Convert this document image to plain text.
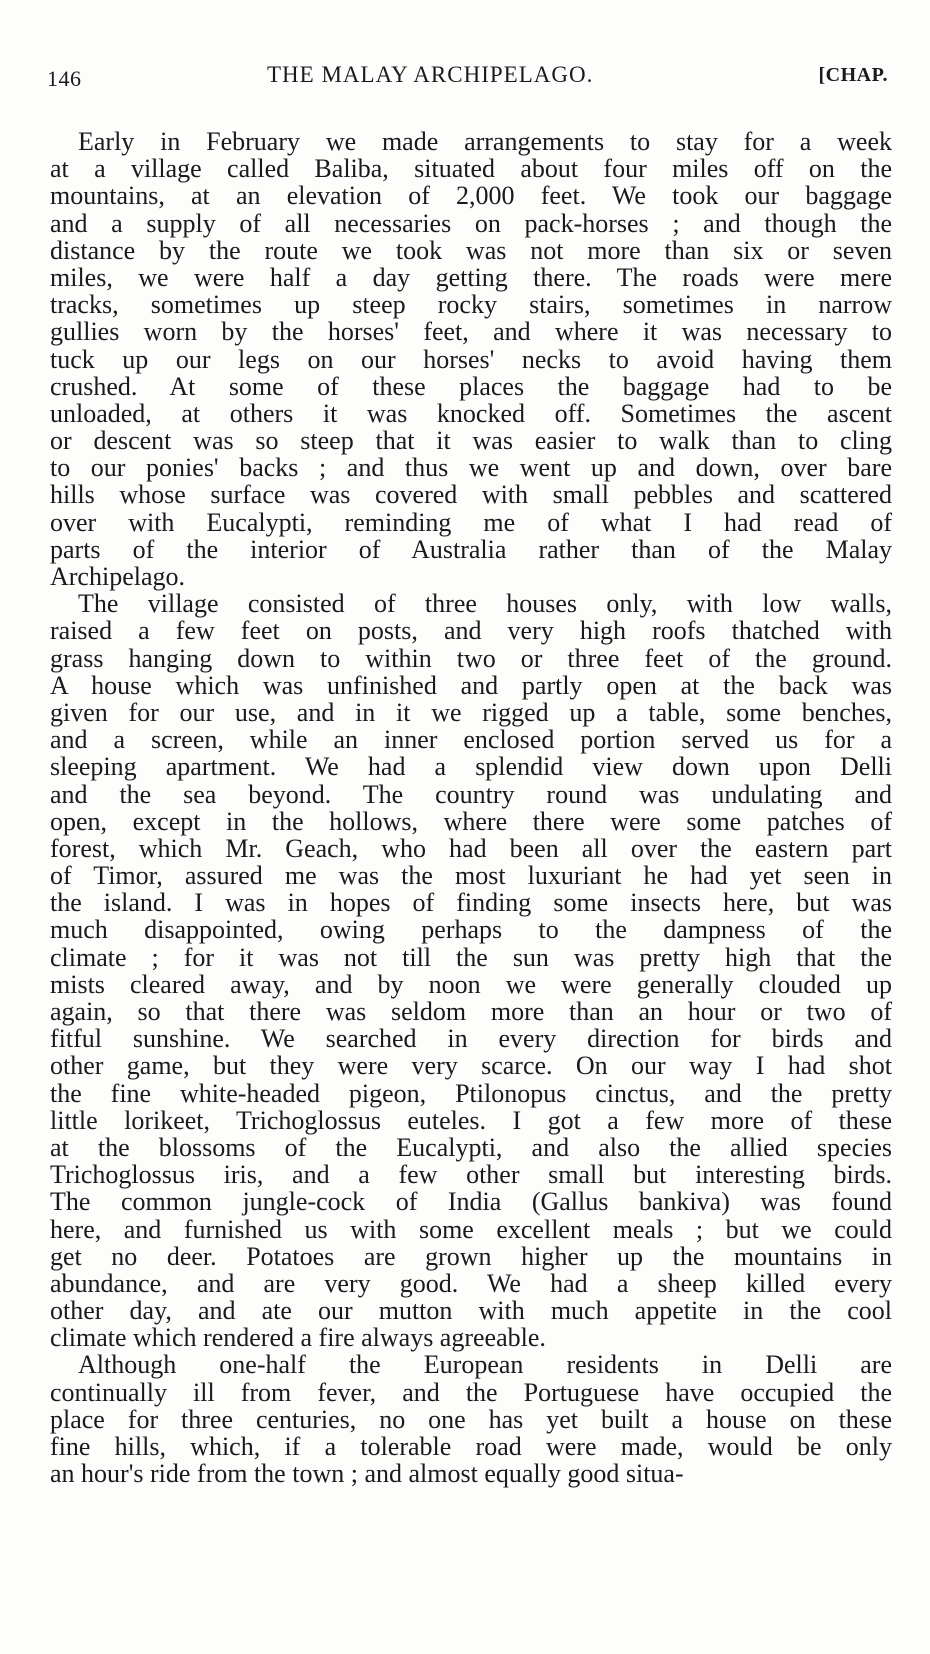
146	THE MALAY ARCHIPELAGO.	[CHAP.
Early in February we made arrangements to stay for a week
at a village called Baliba, situated about four miles off on the
mountains, at an elevation of 2,000 feet. We took our baggage
and a supply of all necessaries on pack-horses ; and though the
distance by the route we took was not more than six or seven
miles, we were half a day getting there. The roads were mere
tracks, sometimes up steep rocky stairs, sometimes in narrow
gullies worn by the horses' feet, and where it was necessary to
tuck up our legs on our horses' necks to avoid having them
crushed. At some of these places the baggage had to be
unloaded, at others it was knocked off. Sometimes the ascent
or descent was so steep that it was easier to walk than to cling
to our ponies' backs ; and thus we went up and down, over bare
hills whose surface was covered with small pebbles and scattered
over with Eucalypti, reminding me of what I had read of
parts of the interior of Australia rather than of the Malay
Archipelago.
The village consisted of three houses only, with low walls,
raised a few feet on posts, and very high roofs thatched with
grass hanging down to within two or three feet of the ground.
A house which was unfinished and partly open at the back was
given for our use, and in it we rigged up a table, some benches,
and a screen, while an inner enclosed portion served us for a
sleeping apartment. We had a splendid view down upon Delli
and the sea beyond. The country round was undulating and
open, except in the hollows, where there were some patches of
forest, which Mr. Geach, who had been all over the eastern part
of Timor, assured me was the most luxuriant he had yet seen in
the island. I was in hopes of finding some insects here, but was
much disappointed, owing perhaps to the dampness of the
climate ; for it was not till the sun was pretty high that the
mists cleared away, and by noon we were generally clouded up
again, so that there was seldom more than an hour or two of
fitful sunshine. We searched in every direction for birds and
other game, but they were very scarce. On our way I had shot
the fine white-headed pigeon, Ptilonopus cinctus, and the pretty
little lorikeet, Trichoglossus euteles. I got a few more of these
at the blossoms of the Eucalypti, and also the allied species
Trichoglossus iris, and a few other small but interesting birds.
The common jungle-cock of India (Gallus bankiva) was found
here, and furnished us with some excellent meals ; but we could
get no deer. Potatoes are grown higher up the mountains in
abundance, and are very good. We had a sheep killed every
other day, and ate our mutton with much appetite in the cool
climate which rendered a fire always agreeable.
Although one-half the European residents in Delli are
continually ill from fever, and the Portuguese have occupied the
place for three centuries, no one has yet built a house on these
fine hills, which, if a tolerable road were made, would be only
an hour's ride from the town ; and almost equally good situa-
